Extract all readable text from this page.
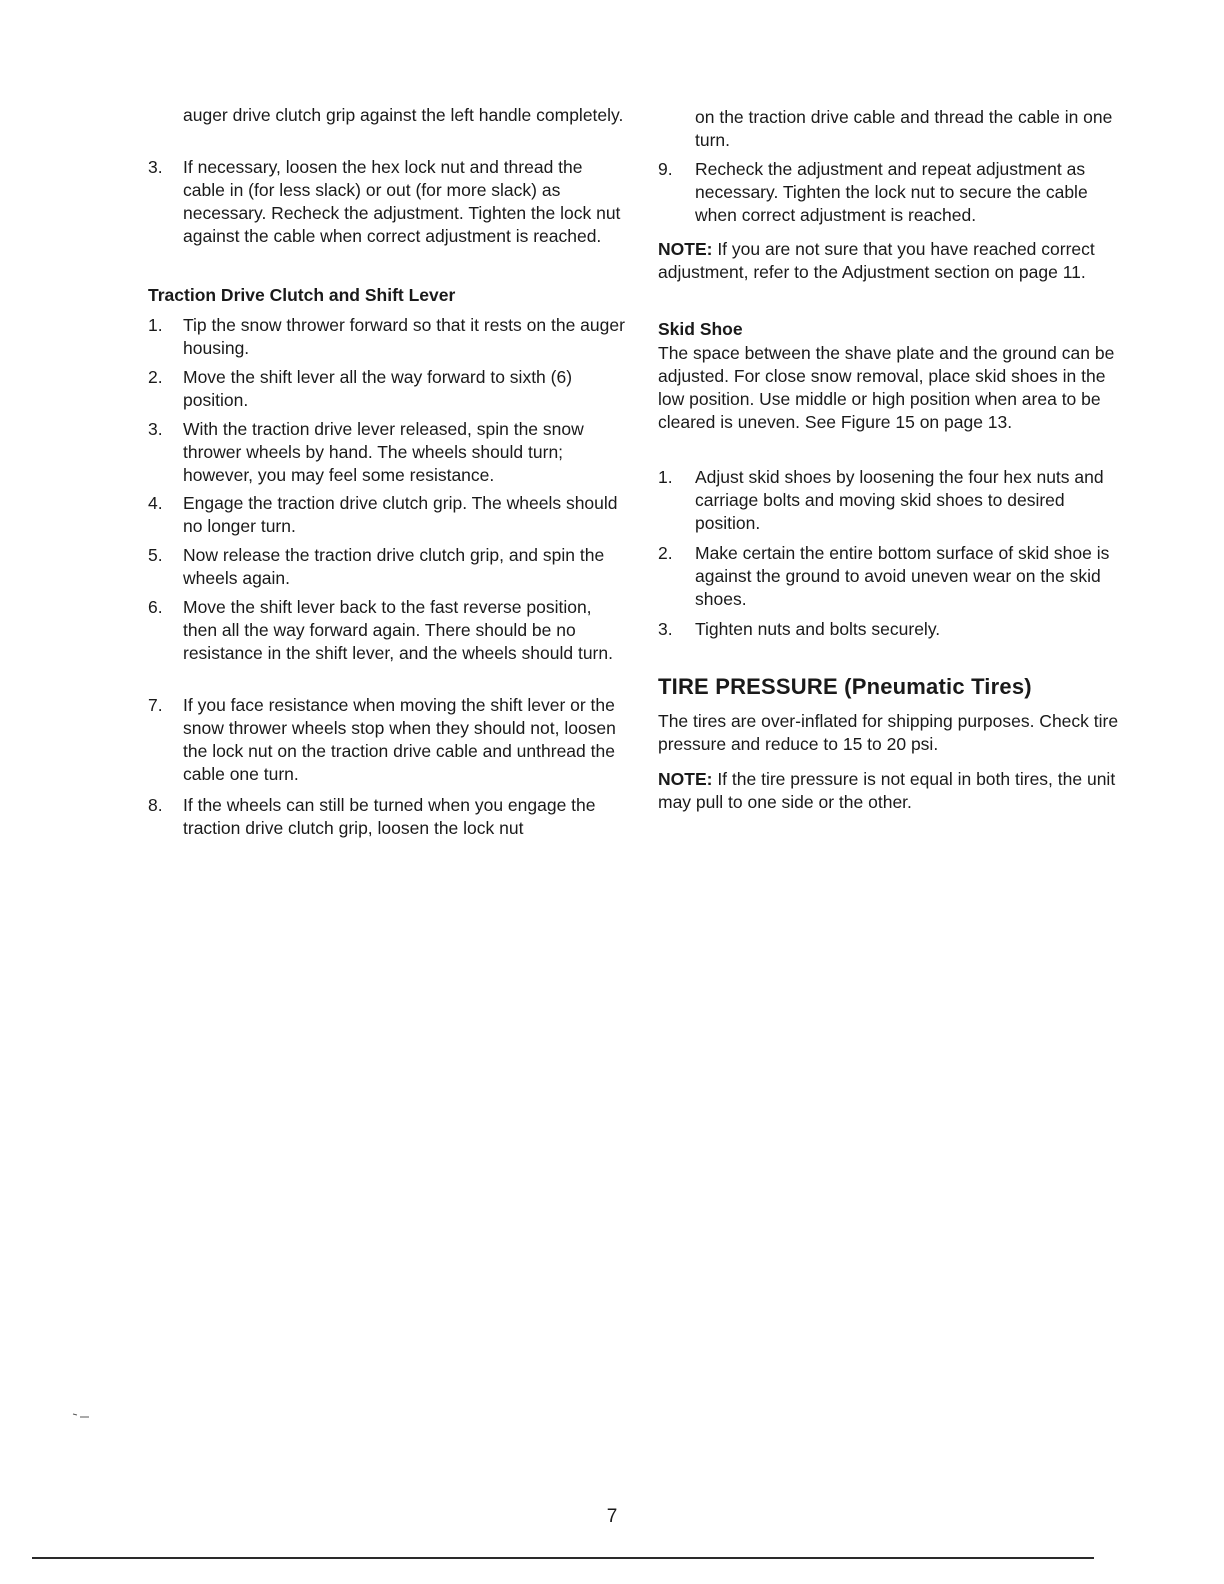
auger drive clutch grip against the left handle completely.

3. If necessary, loosen the hex lock nut and thread the cable in (for less slack) or out (for more slack) as necessary. Recheck the adjustment. Tighten the lock nut against the cable when correct adjustment is reached.
Traction Drive Clutch and Shift Lever
1. Tip the snow thrower forward so that it rests on the auger housing.
2. Move the shift lever all the way forward to sixth (6) position.
3. With the traction drive lever released, spin the snow thrower wheels by hand. The wheels should turn; however, you may feel some resistance.
4. Engage the traction drive clutch grip. The wheels should no longer turn.
5. Now release the traction drive clutch grip, and spin the wheels again.
6. Move the shift lever back to the fast reverse position, then all the way forward again. There should be no resistance in the shift lever, and the wheels should turn.
7. If you face resistance when moving the shift lever or the snow thrower wheels stop when they should not, loosen the lock nut on the traction drive cable and unthread the cable one turn.
8. If the wheels can still be turned when you engage the traction drive clutch grip, loosen the lock nut

on the traction drive cable and thread the cable in one turn.

9. Recheck the adjustment and repeat adjustment as necessary. Tighten the lock nut to secure the cable when correct adjustment is reached.

NOTE: If you are not sure that you have reached correct adjustment, refer to the Adjustment section on page 11.

Skid Shoe

The space between the shave plate and the ground can be adjusted. For close snow removal, place skid shoes in the low position. Use middle or high position when area to be cleared is uneven. See Figure 15 on page 13.

1. Adjust skid shoes by loosening the four hex nuts and carriage bolts and moving skid shoes to desired position.
2. Make certain the entire bottom surface of skid shoe is against the ground to avoid uneven wear on the skid shoes.
3. Tighten nuts and bolts securely.
TIRE PRESSURE (Pneumatic Tires)

The tires are over-inflated for shipping purposes. Check tire pressure and reduce to 15 to 20 psi.

NOTE: If the tire pressure is not equal in both tires, the unit may pull to one side or the other.

7
